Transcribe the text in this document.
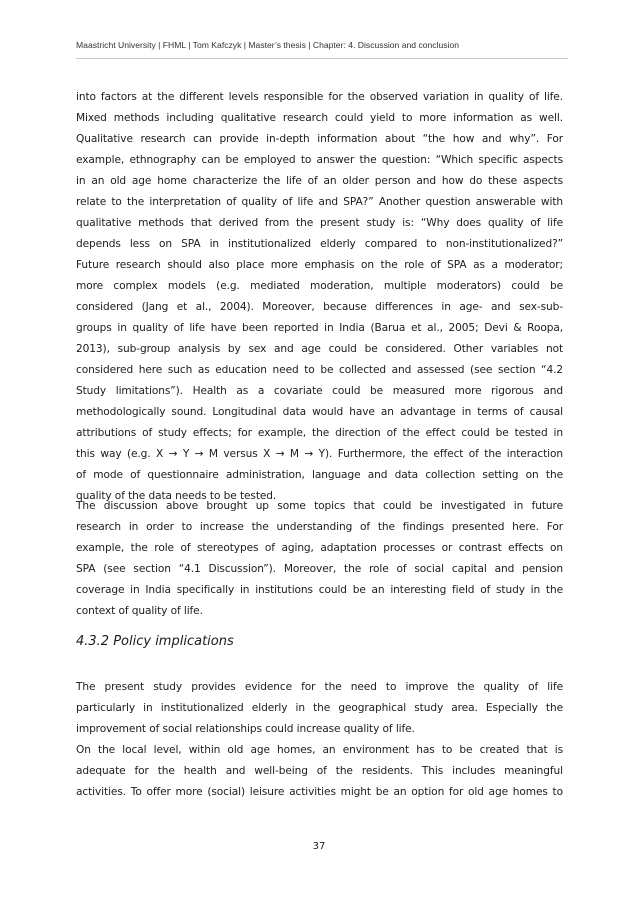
Maastricht University | FHML | Tom Kafczyk | Master’s thesis | Chapter: 4. Discussion and conclusion
into factors at the different levels responsible for the observed variation in quality of life.
Mixed methods including qualitative research could yield to more information as well.
Qualitative research can provide in-depth information about “the how and why”. For
example, ethnography can be employed to answer the question: “Which specific aspects
in an old age home characterize the life of an older person and how do these aspects
relate to the interpretation of quality of life and SPA?” Another question answerable with
qualitative methods that derived from the present study is: “Why does quality of life
depends less on SPA in institutionalized elderly compared to non-institutionalized?”
Future research should also place more emphasis on the role of SPA as a moderator;
more complex models (e.g. mediated moderation, multiple moderators) could be
considered (Jang et al., 2004). Moreover, because differences in age- and sex-sub-
groups in quality of life have been reported in India (Barua et al., 2005; Devi & Roopa,
2013), sub-group analysis by sex and age could be considered. Other variables not
considered here such as education need to be collected and assessed (see section “4.2
Study limitations”). Health as a covariate could be measured more rigorous and
methodologically sound. Longitudinal data would have an advantage in terms of causal
attributions of study effects; for example, the direction of the effect could be tested in
this way (e.g. X → Y → M versus X → M → Y). Furthermore, the effect of the interaction
of mode of questionnaire administration, language and data collection setting on the
quality of the data needs to be tested.
The discussion above brought up some topics that could be investigated in future
research in order to increase the understanding of the findings presented here. For
example, the role of stereotypes of aging, adaptation processes or contrast effects on
SPA (see section “4.1 Discussion”). Moreover, the role of social capital and pension
coverage in India specifically in institutions could be an interesting field of study in the
context of quality of life.
4.3.2 Policy implications
The present study provides evidence for the need to improve the quality of life
particularly in institutionalized elderly in the geographical study area. Especially the
improvement of social relationships could increase quality of life.
On the local level, within old age homes, an environment has to be created that is
adequate for the health and well-being of the residents. This includes meaningful
activities. To offer more (social) leisure activities might be an option for old age homes to
37
